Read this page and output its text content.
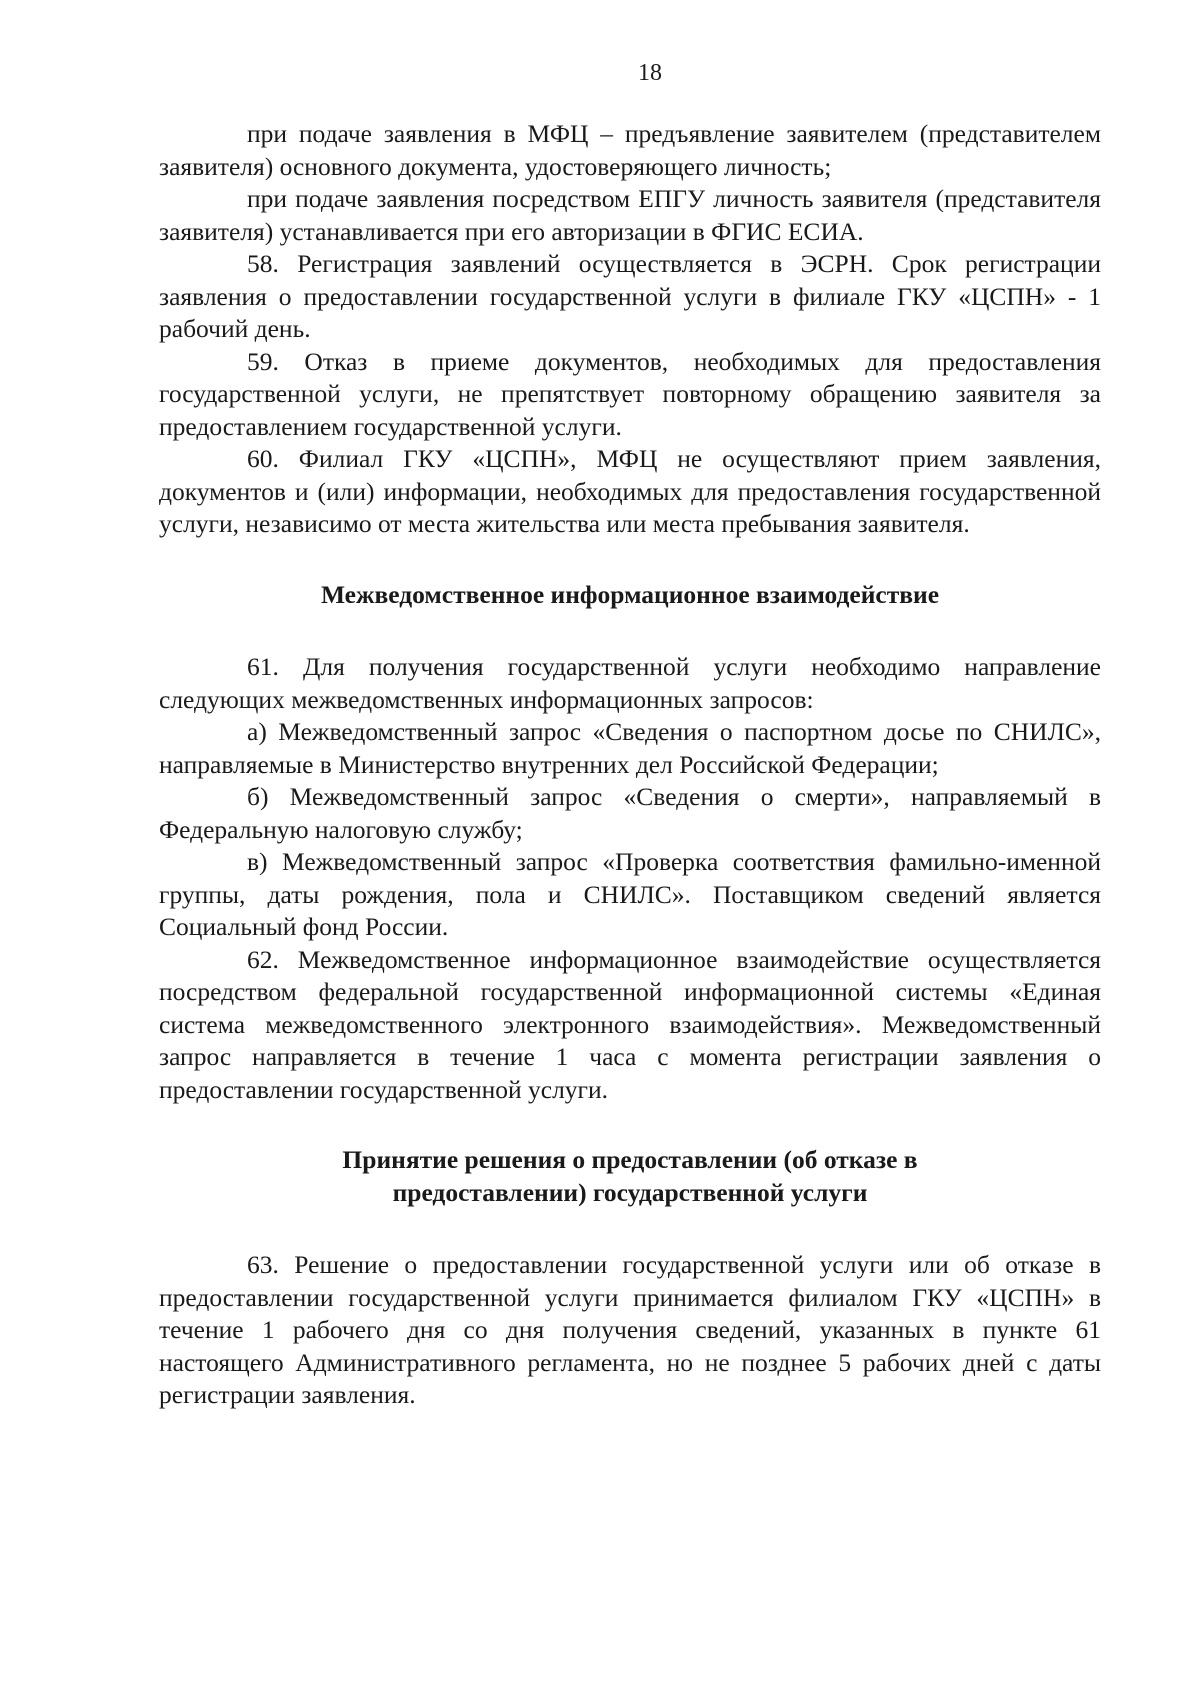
18

при подаче заявления в МФЦ – предъявление заявителем (представителем заявителя) основного документа, удостоверяющего личность;

при подаче заявления посредством ЕПГУ личность заявителя (представителя заявителя) устанавливается при его авторизации в ФГИС ЕСИА.

58. Регистрация заявлений осуществляется в ЭСРН. Срок регистрации заявления о предоставлении государственной услуги в филиале ГКУ «ЦСПН» - 1 рабочий день.

59. Отказ в приеме документов, необходимых для предоставления государственной услуги, не препятствует повторному обращению заявителя за предоставлением государственной услуги.

60. Филиал ГКУ «ЦСПН», МФЦ не осуществляют прием заявления, документов и (или) информации, необходимых для предоставления государственной услуги, независимо от места жительства или места пребывания заявителя.

Межведомственное информационное взаимодействие

61. Для получения государственной услуги необходимо направление следующих межведомственных информационных запросов:

а) Межведомственный запрос «Сведения о паспортном досье по СНИЛС», направляемые в Министерство внутренних дел Российской Федерации;

б) Межведомственный запрос «Сведения о смерти», направляемый в Федеральную налоговую службу;

в) Межведомственный запрос «Проверка соответствия фамильно-именной группы, даты рождения, пола и СНИЛС». Поставщиком сведений является Социальный фонд России.

62. Межведомственное информационное взаимодействие осуществляется посредством федеральной государственной информационной системы «Единая система межведомственного электронного взаимодействия». Межведомственный запрос направляется в течение 1 часа с момента регистрации заявления о предоставлении государственной услуги.

Принятие решения о предоставлении (об отказе в
предоставлении) государственной услуги

63. Решение о предоставлении государственной услуги или об отказе в предоставлении государственной услуги принимается филиалом ГКУ «ЦСПН» в течение 1 рабочего дня со дня получения сведений, указанных в пункте 61 настоящего Административного регламента, но не позднее 5 рабочих дней с даты регистрации заявления.
